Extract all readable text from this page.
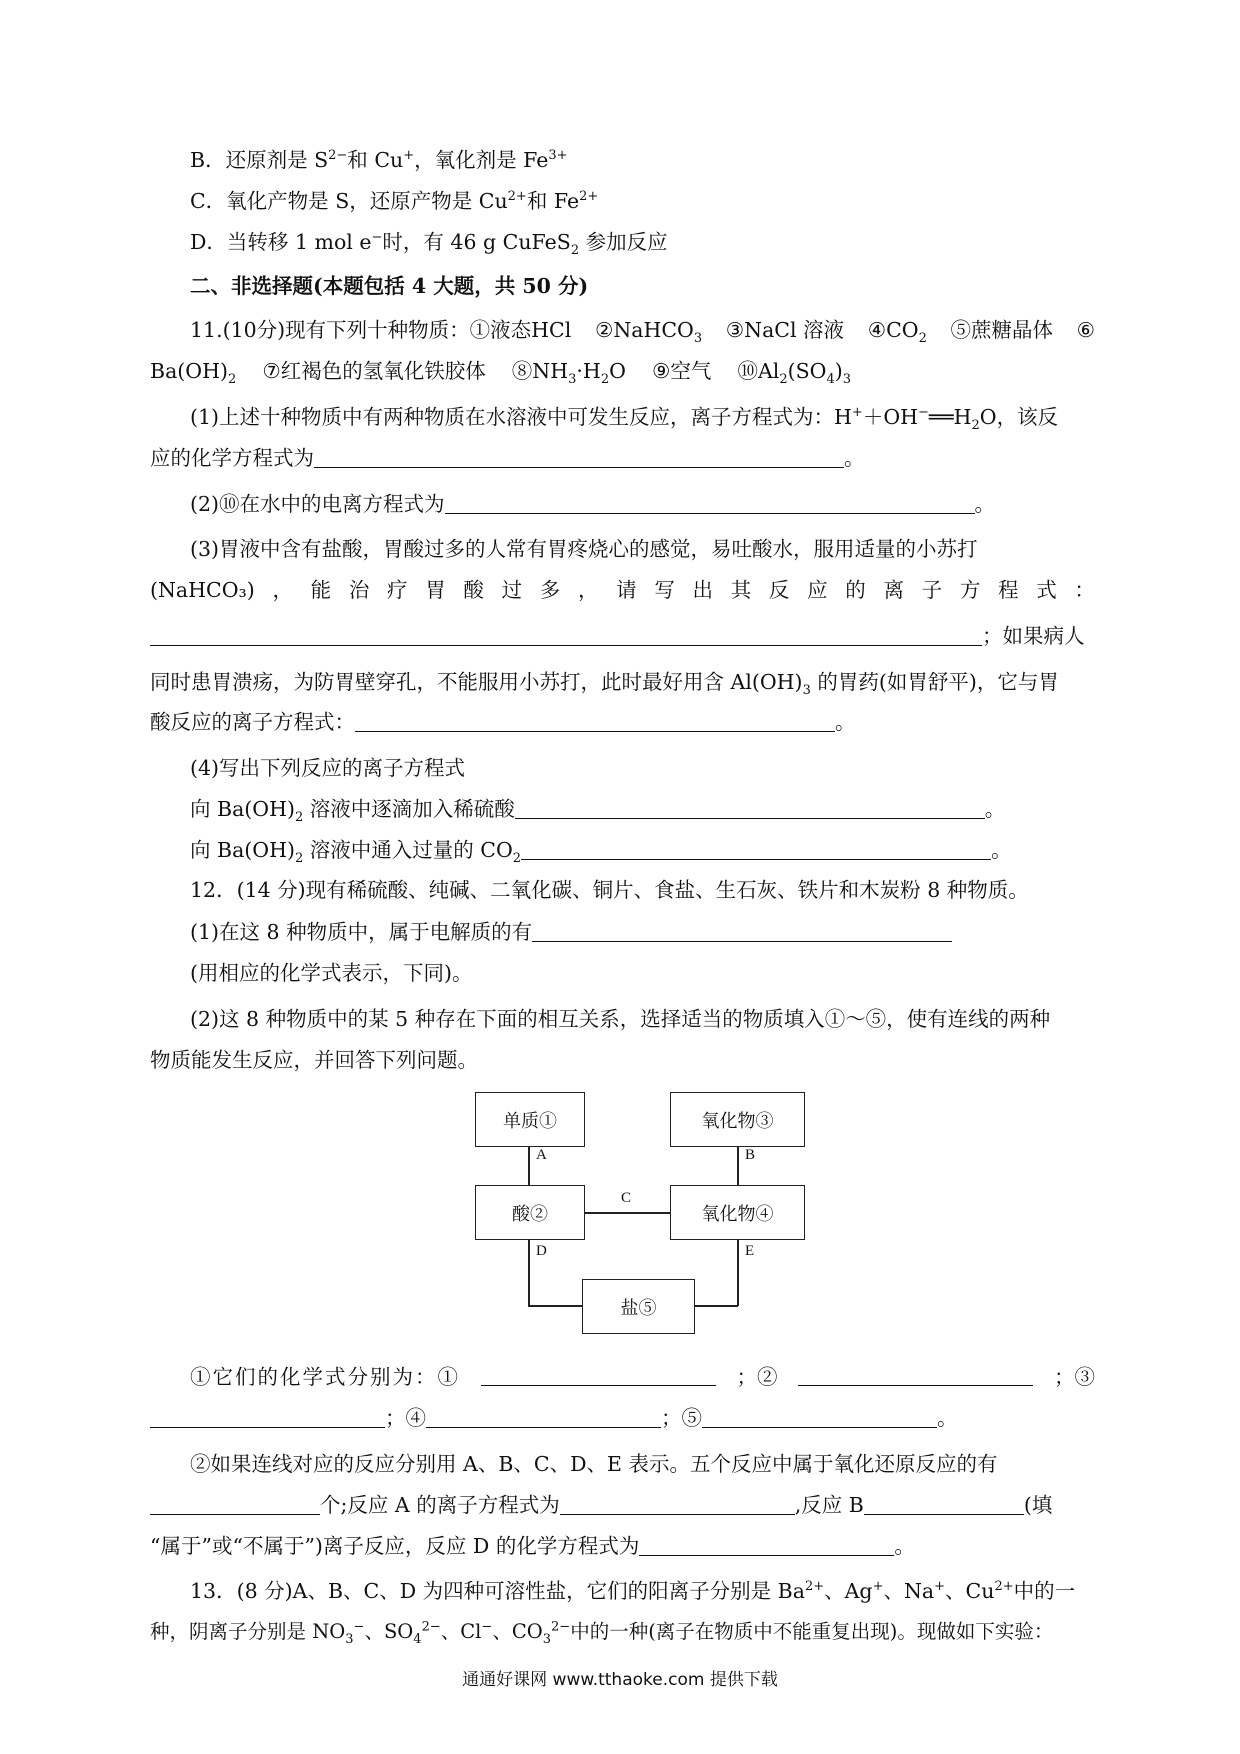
B．还原剂是 $S^{2-}$和 Cu+，氧化剂是 $Fe^{3+}$
C．氧化产物是 S，还原产物是 $Cu^{2+}$和 $Fe^{2+}$
D．当转移 1 mol e−时，有 46 g CuFeS$_2$ 参加反应
二、非选择题(本题包括 4 大题，共 50 分)
11.(10分)现有下列十种物质：①液态HCl ②NaHCO$_3$ ③NaCl 溶液 $④CO_2$ ⑤蔗糖晶体 ⑥
$Ba(OH)_2$ ⑦红褐色的氢氧化铁胶体 $⑧NH_3\cdot H_2O$ ⑨空气 $⑩Al_2(SO_4)_3$
(1)上述十种物质中有两种物质在水溶液中可发生反应，离子方程式为：$H^++OH^-══H_2O$，该反
应的化学方程式为	。
(2)⑩在水中的电离方程式为	。
(3)胃液中含有盐酸，胃酸过多的人常有胃疼烧心的感觉，易吐酸水，服用适量的小苏打
(NaHCO₃) ， 能 治 疗 胃 酸 过 多 ， 请 写 出 其 反 应 的 离 子 方 程 式 ：
；如果病人
同时患胃溃疡，为防胃壁穿孔，不能服用小苏打，此时最好用含 $Al(OH)_3$ 的胃药(如胃舒平)，它与胃
酸反应的离子方程式：	。
(4)写出下列反应的离子方程式
向 $Ba(OH)_2$ 溶液中逐滴加入稀硫酸	。
向 $Ba(OH)_2$ 溶液中通入过量的 $CO_2$	。
12．(14 分)现有稀硫酸、纯碱、二氧化碳、铜片、食盐、生石灰、铁片和木炭粉 8 种物质。
(1)在这 8 种物质中，属于电解质的有
(用相应的化学式表示，下同)。
(2)这 8 种物质中的某 5 种存在下面的相互关系，选择适当的物质填入①～⑤，使有连线的两种
物质能发生反应，并回答下列问题。
单质①
酸②
氧化物③
氧化物④
盐⑤
A	B
C
D	E
①它们的化学式分别为：①	；②	；③
；④	；⑤	。
②如果连线对应的反应分别用 A、B、C、D、E 表示。五个反应中属于氧化还原反应的有
个;反应 A 的离子方程式为	,反应 B	(填
“属于”或“不属于”)离子反应，反应 D 的化学方程式为	。
13．(8 分)A、B、C、D 为四种可溶性盐，它们的阳离子分别是 $Ba^{2+}$、Ag+、Na+、$Cu^{2+}$中的一
种，阴离子分别是 $NO_3^-$、$SO_4^{2-}$、Cl−、$CO_3^{2-}$中的一种(离子在物质中不能重复出现)。现做如下实验：
通通好课网 www.tthaoke.com 提供下载
